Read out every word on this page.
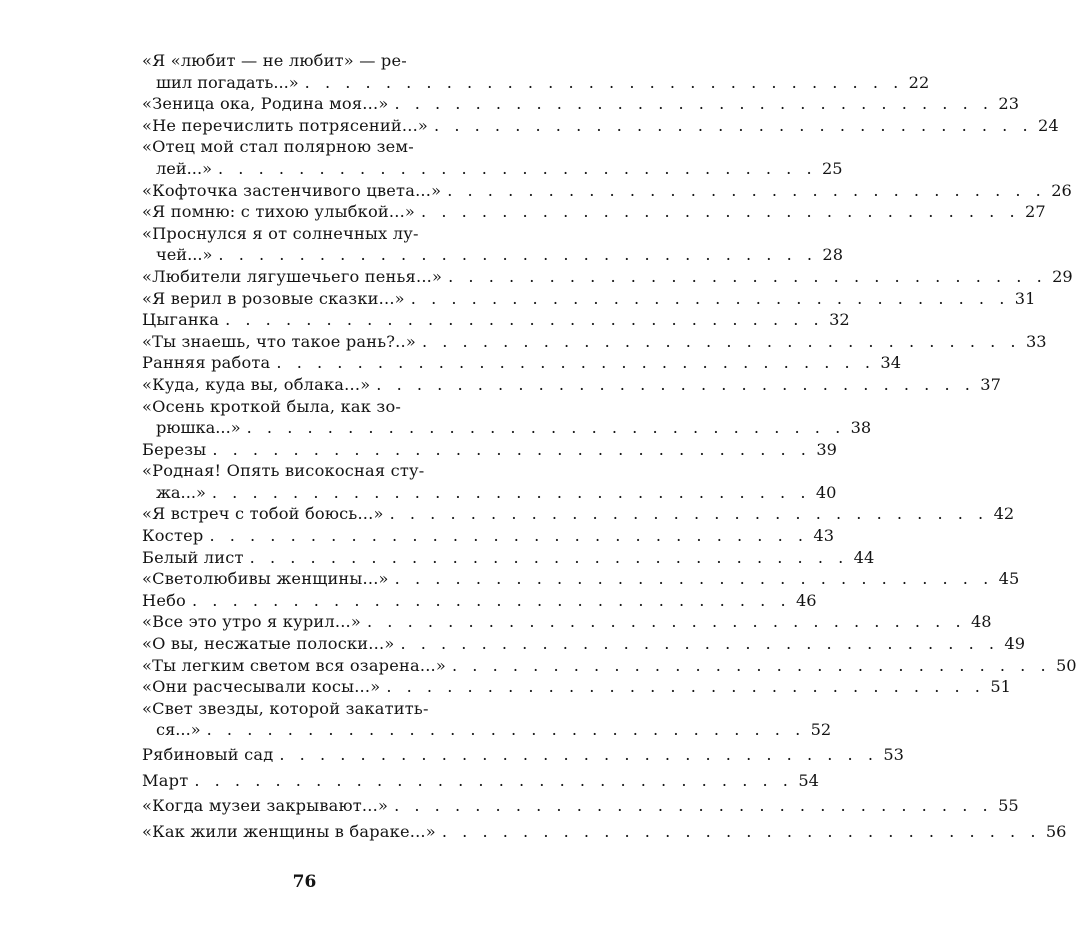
«Я «любит — не любит» — ре-
шил погадать...» . . . . . . . . . . . . . . . . . . . . . . . . . . . . . . 22
«Зеница ока, Родина моя...» . . . . . . . . . . . . . . . . . . . . . . . . . . . . . . 23
«Не перечислить потрясений...» . . . . . . . . . . . . . . . . . . . . . . . . . . . . . . 24
«Отец мой стал полярною зем-
лей...» . . . . . . . . . . . . . . . . . . . . . . . . . . . . . . 25
«Кофточка застенчивого цвета...» . . . . . . . . . . . . . . . . . . . . . . . . . . . . . . 26
«Я помню: с тихою улыбкой...» . . . . . . . . . . . . . . . . . . . . . . . . . . . . . . 27
«Проснулся я от солнечных лу-
чей...» . . . . . . . . . . . . . . . . . . . . . . . . . . . . . . 28
«Любители лягушечьего пенья...» . . . . . . . . . . . . . . . . . . . . . . . . . . . . . . 29
«Я верил в розовые сказки...» . . . . . . . . . . . . . . . . . . . . . . . . . . . . . . 31
Цыганка . . . . . . . . . . . . . . . . . . . . . . . . . . . . . . 32
«Ты знаешь, что такое рань?..» . . . . . . . . . . . . . . . . . . . . . . . . . . . . . . 33
Ранняя работа . . . . . . . . . . . . . . . . . . . . . . . . . . . . . . 34
«Куда, куда вы, облака...» . . . . . . . . . . . . . . . . . . . . . . . . . . . . . . 37
«Осень кроткой была, как зо-
рюшка...» . . . . . . . . . . . . . . . . . . . . . . . . . . . . . . 38
Березы . . . . . . . . . . . . . . . . . . . . . . . . . . . . . . 39
«Родная! Опять високосная сту-
жа...» . . . . . . . . . . . . . . . . . . . . . . . . . . . . . . 40
«Я встреч с тобой боюсь...» . . . . . . . . . . . . . . . . . . . . . . . . . . . . . . 42
Костер . . . . . . . . . . . . . . . . . . . . . . . . . . . . . . 43
Белый лист . . . . . . . . . . . . . . . . . . . . . . . . . . . . . . 44
«Светолюбивы женщины...» . . . . . . . . . . . . . . . . . . . . . . . . . . . . . . 45
Небо . . . . . . . . . . . . . . . . . . . . . . . . . . . . . . 46
«Все это утро я курил...» . . . . . . . . . . . . . . . . . . . . . . . . . . . . . . 48
«О вы, несжатые полоски...» . . . . . . . . . . . . . . . . . . . . . . . . . . . . . . 49
«Ты легким светом вся озарена...» . . . . . . . . . . . . . . . . . . . . . . . . . . . . . . 50
«Они расчесывали косы...» . . . . . . . . . . . . . . . . . . . . . . . . . . . . . . 51
«Свет звезды, которой закатить-
ся...» . . . . . . . . . . . . . . . . . . . . . . . . . . . . . . 52
Рябиновый сад . . . . . . . . . . . . . . . . . . . . . . . . . . . . . . 53
Март . . . . . . . . . . . . . . . . . . . . . . . . . . . . . . 54
«Когда музеи закрывают...» . . . . . . . . . . . . . . . . . . . . . . . . . . . . . . 55
«Как жили женщины в бараке...» . . . . . . . . . . . . . . . . . . . . . . . . . . . . . . 56
76
